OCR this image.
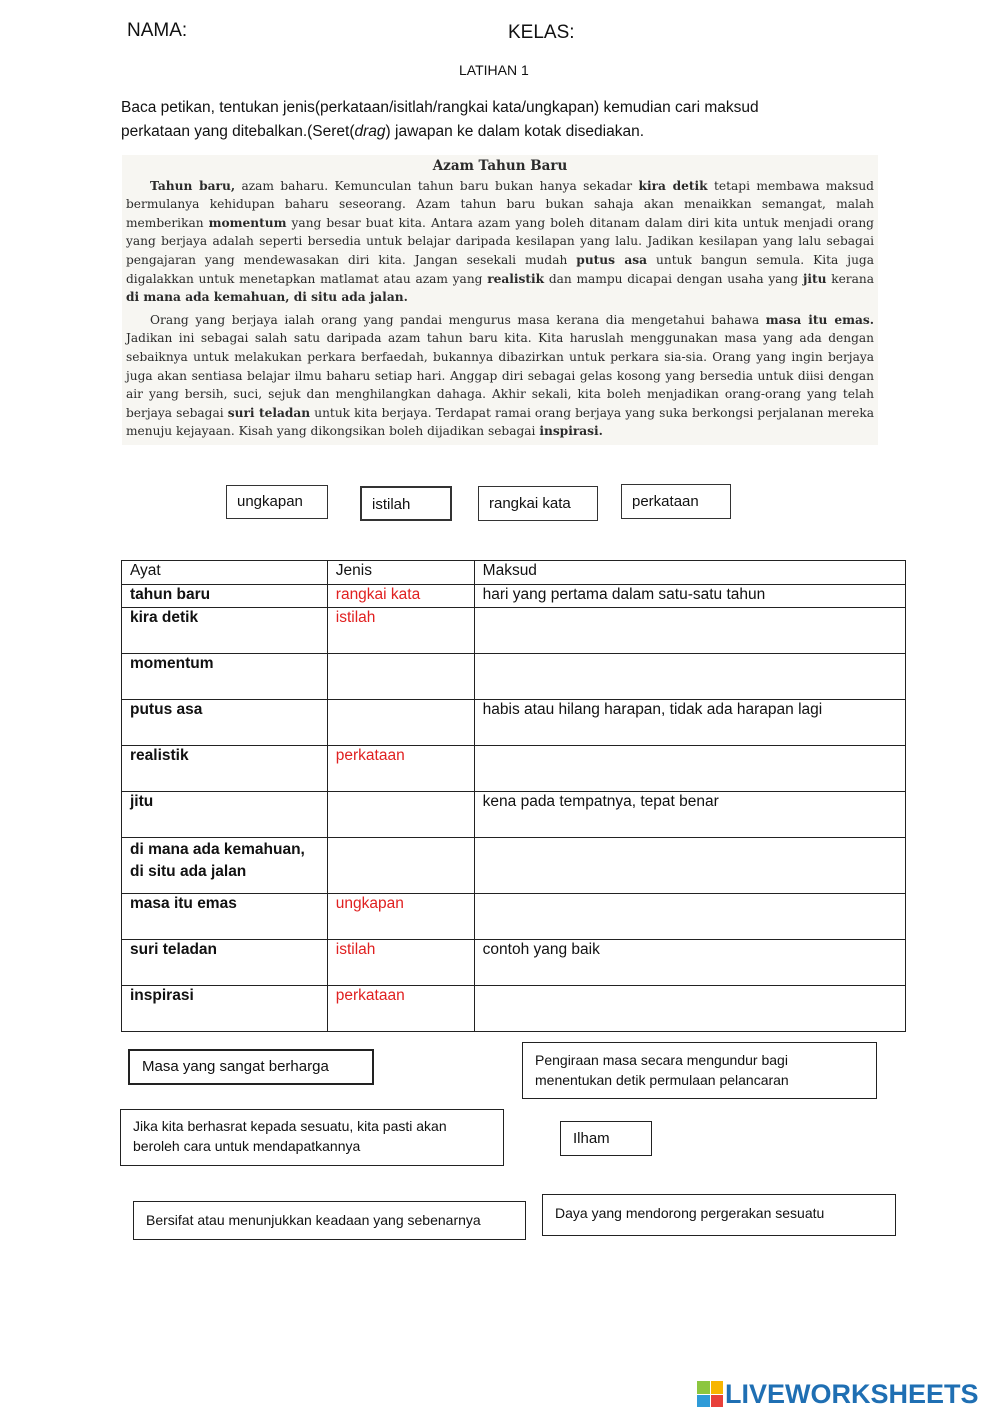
NAMA:	KELAS:
LATIHAN 1
Baca petikan, tentukan jenis(perkataan/isitlah/rangkai kata/ungkapan) kemudian cari maksud
perkataan yang ditebalkan.(Seret(drag) jawapan ke dalam kotak disediakan.
Azam Tahun Baru

Tahun baru, azam baharu. Kemunculan tahun baru bukan hanya sekadar kira detik tetapi membawa maksud bermulanya kehidupan baharu seseorang. Azam tahun baru bukan sahaja akan menaikkan semangat, malah memberikan momentum yang besar buat kita. Antara azam yang boleh ditanam dalam diri kita untuk menjadi orang yang berjaya adalah seperti bersedia untuk belajar daripada kesilapan yang lalu. Jadikan kesilapan yang lalu sebagai pengajaran yang mendewasakan diri kita. Jangan sesekali mudah putus asa untuk bangun semula. Kita juga digalakkan untuk menetapkan matlamat atau azam yang realistik dan mampu dicapai dengan usaha yang jitu kerana di mana ada kemahuan, di situ ada jalan.

Orang yang berjaya ialah orang yang pandai mengurus masa kerana dia mengetahui bahawa masa itu emas. Jadikan ini sebagai salah satu daripada azam tahun baru kita. Kita haruslah menggunakan masa yang ada dengan sebaiknya untuk melakukan perkara berfaedah, bukannya dibazirkan untuk perkara sia-sia. Orang yang ingin berjaya juga akan sentiasa belajar ilmu baharu setiap hari. Anggap diri sebagai gelas kosong yang bersedia untuk diisi dengan air yang bersih, suci, sejuk dan menghilangkan dahaga. Akhir sekali, kita boleh menjadikan orang-orang yang telah berjaya sebagai suri teladan untuk kita berjaya. Terdapat ramai orang berjaya yang suka berkongsi perjalanan mereka menuju kejayaan. Kisah yang dikongsikan boleh dijadikan sebagai inspirasi.

ungkapan	istilah	rangkai kata	perkataan
Ayat	Jenis	Maksud
tahun baru	rangkai kata	hari yang pertama dalam satu-satu tahun
kira detik	istilah	
momentum		
putus asa		habis atau hilang harapan, tidak ada harapan lagi
realistik	perkataan	
jitu		kena pada tempatnya, tepat benar
di mana ada kemahuan, di situ ada jalan		
masa itu emas	ungkapan	
suri teladan	istilah	contoh yang baik
inspirasi	perkataan	
Masa yang sangat berharga	Pengiraan masa secara mengundur bagi menentukan detik permulaan pelancaran
Jika kita berhasrat kepada sesuatu, kita pasti akan beroleh cara untuk mendapatkannya	Ilham
Bersifat atau menunjukkan keadaan yang sebenarnya	Daya yang mendorong pergerakan sesuatu
LIVEWORKSHEETS
